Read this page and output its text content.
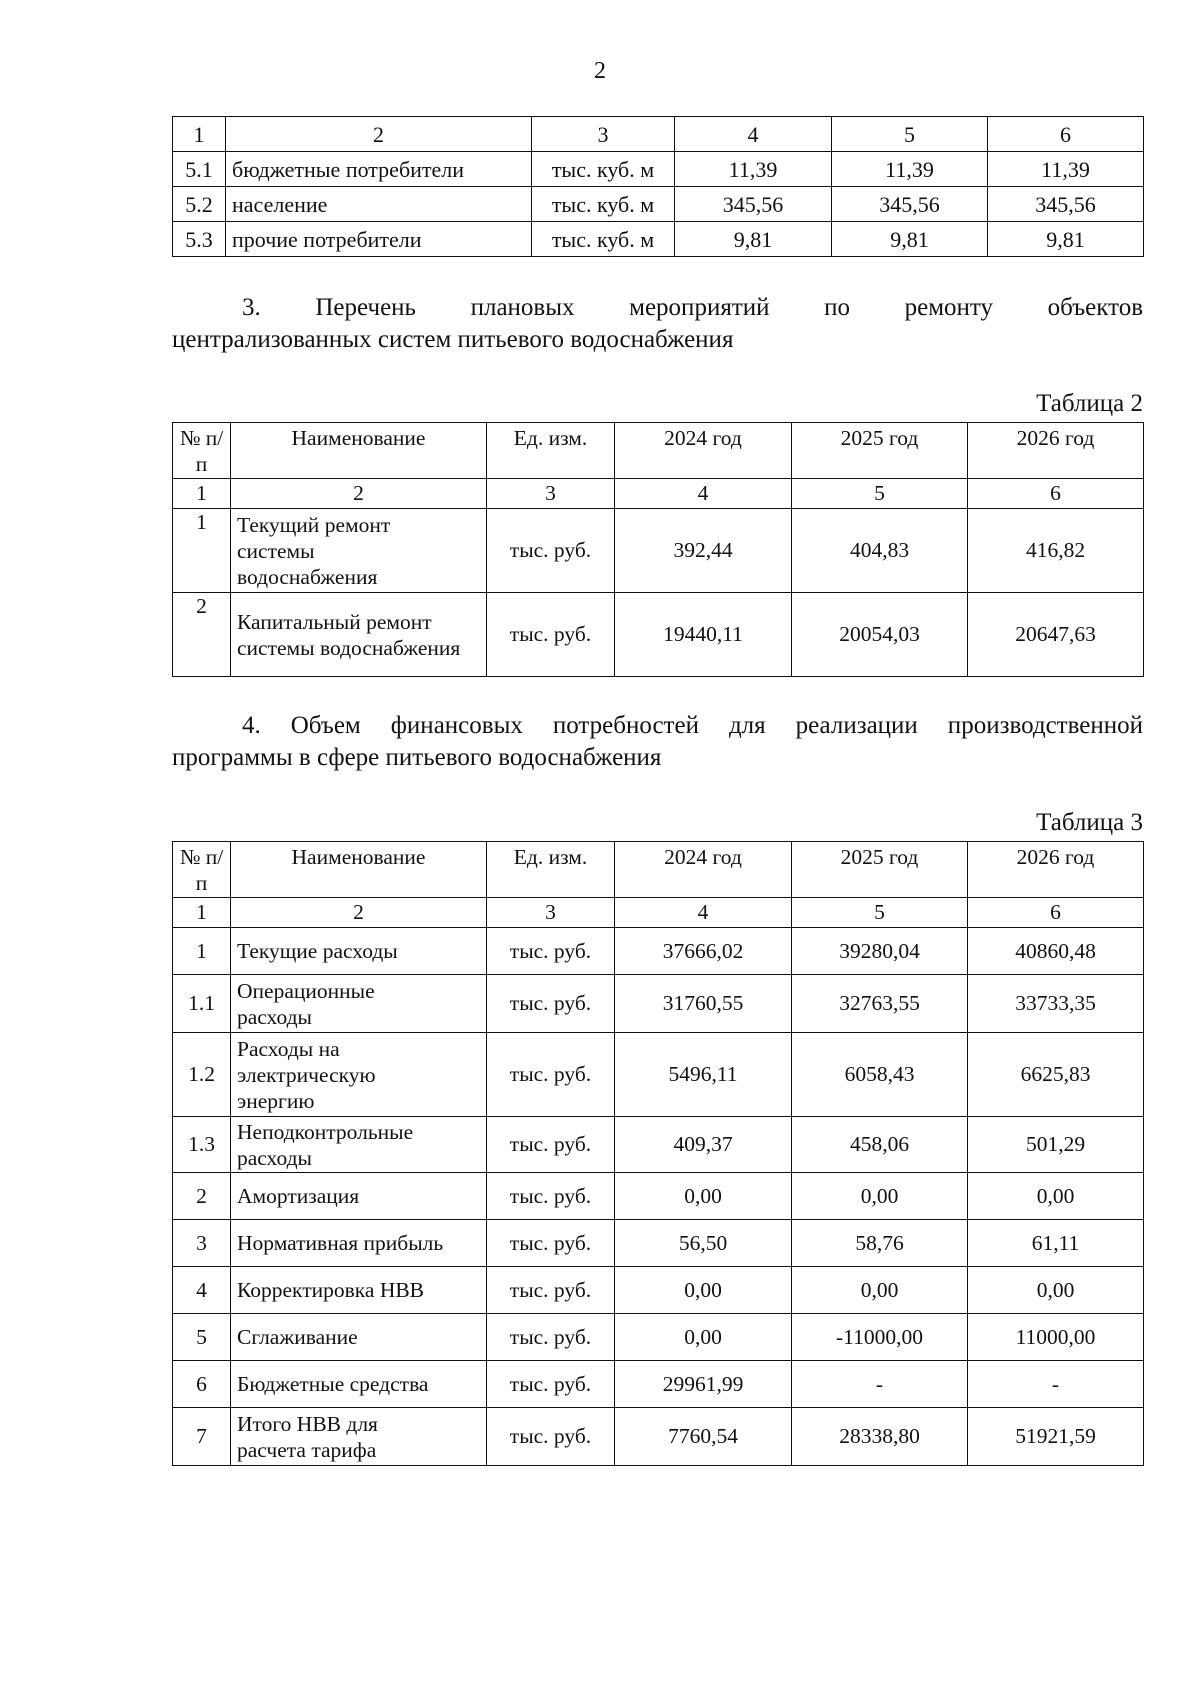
2
1	2	3	4	5	6
5.1	бюджетные потребители	тыс. куб. м	11,39	11,39	11,39
5.2	население	тыс. куб. м	345,56	345,56	345,56
5.3	прочие потребители	тыс. куб. м	9,81	9,81	9,81
3. Перечень плановых мероприятий по ремонту объектов
централизованных систем питьевого водоснабжения
Таблица 2
№ п/п	Наименование	Ед. изм.	2024 год	2025 год	2026 год
1	2	3	4	5	6
1	Текущий ремонт системы водоснабжения	тыс. руб.	392,44	404,83	416,82
2	Капитальный ремонт системы водоснабжения	тыс. руб.	19440,11	20054,03	20647,63
4. Объем финансовых потребностей для реализации производственной
программы в сфере питьевого водоснабжения
Таблица 3
№ п/п	Наименование	Ед. изм.	2024 год	2025 год	2026 год
1	2	3	4	5	6
1	Текущие расходы	тыс. руб.	37666,02	39280,04	40860,48
1.1	Операционные расходы	тыс. руб.	31760,55	32763,55	33733,35
1.2	Расходы на электрическую энергию	тыс. руб.	5496,11	6058,43	6625,83
1.3	Неподконтрольные расходы	тыс. руб.	409,37	458,06	501,29
2	Амортизация	тыс. руб.	0,00	0,00	0,00
3	Нормативная прибыль	тыс. руб.	56,50	58,76	61,11
4	Корректировка НВВ	тыс. руб.	0,00	0,00	0,00
5	Сглаживание	тыс. руб.	0,00	-11000,00	11000,00
6	Бюджетные средства	тыс. руб.	29961,99	-	-
7	Итого НВВ для расчета тарифа	тыс. руб.	7760,54	28338,80	51921,59
